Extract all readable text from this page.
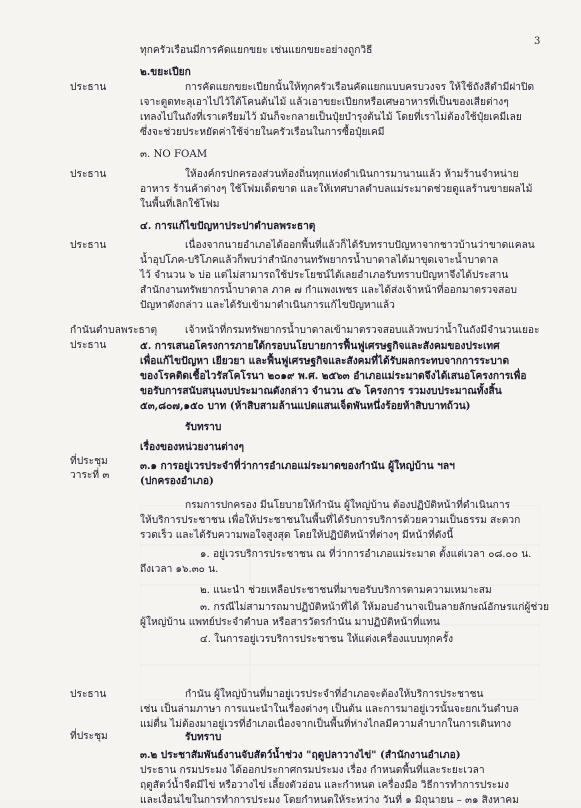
3
ประธาน
ประธาน
ประธาน
กำนันตำบลพระธาตุ
ประธาน
ที่ประชุม
วาระที่ ๓
ประธาน
ที่ประชุม
ทุกครัวเรือนมีการคัดแยกขยะ เช่นแยกขยะอย่างถูกวิธี
๒.ขยะเปียก
การคัดแยกขยะเปียกนั้นให้ทุกครัวเรือนคัดแยกแบบครบวงจร ให้ใช้ถังสีดำมีฝาปิด
เจาะตูดทะลุเอาไปไว้ใต้โคนต้นไม้ แล้วเอาขยะเปียกหรือเศษอาหารที่เป็นของเสียต่างๆ
เทลงไปในถังที่เราเตรียมไว้ มันก็จะกลายเป็นปุ๋ยบำรุงต้นไม้ โดยที่เราไม่ต้องใช้ปุ๋ยเคมีเลย
ซึ่งจะช่วยประหยัดค่าใช้จ่ายในครัวเรือนในการซื้อปุ๋ยเคมี
๓. NO FOAM
ให้องค์กรปกครองส่วนท้องถิ่นทุกแห่งดำเนินการมานานแล้ว ห้ามร้านจำหน่าย
อาหาร ร้านค้าต่างๆ ใช้โฟมเด็ดขาด และให้เทศบาลตำบลแม่ระมาดช่วยดูแลร้านขายผลไม้
ในพื้นที่เลิกใช้โฟม
๔. การแก้ไขปัญหาประปาตำบลพระธาตุ
เนื่องจากนายอำเภอได้ออกพื้นที่แล้วก็ได้รับทราบปัญหาจากชาวบ้านว่าขาดแคลน
น้ำอุปโภค-บริโภคแล้วก็พบว่าสำนักงานทรัพยากรน้ำบาดาลได้มาขุดเจาะน้ำบาดาล
ไว้ จำนวน ๖ บ่อ แต่ไม่สามารถใช้ประโยชน์ได้เลยอำเภอรับทราบปัญหาจึงได้ประสาน
สำนักงานทรัพยากรน้ำบาดาล ภาค ๗ กำแพงเพชร และได้ส่งเจ้าหน้าที่ออกมาตรวจสอบ
ปัญหาดังกล่าว และได้รับเข้ามาดำเนินการแก้ไขปัญหาแล้ว
เจ้าหน้าที่กรมทรัพยากรน้ำบาดาลเข้ามาตรวจสอบแล้วพบว่าน้ำในถังมีจำนวนเยอะ
๕. การเสนอโครงการภายใต้กรอบนโยบายการฟื้นฟูเศรษฐกิจและสังคมของประเทศ
เพื่อแก้ไขปัญหา เยียวยา และฟื้นฟูเศรษฐกิจและสังคมที่ได้รับผลกระทบจากการระบาด
ของโรคติดเชื้อไวรัสโคโรนา ๒๐๑๙ พ.ศ. ๒๕๖๓ อำเภอแม่ระมาดจึงได้เสนอโครงการเพื่อ
ขอรับการสนับสนุนงบประมาณดังกล่าว จำนวน ๕๖ โครงการ รวมงบประมาณทั้งสิ้น
๕๓,๘๐๗,๑๕๐ บาท (ห้าสิบสามล้านแปดแสนเจ็ดพันหนึ่งร้อยห้าสิบบาทถ้วน)
รับทราบ
เรื่องของหน่วยงานต่างๆ
๓.๑ การอยู่เวรประจำที่ว่าการอำเภอแม่ระมาดของกำนัน ผู้ใหญ่บ้าน ฯลฯ
(ปกครองอำเภอ)
กรมการปกครอง มีนโยบายให้กำนัน ผู้ใหญ่บ้าน ต้องปฏิบัติหน้าที่ดำเนินการ
ให้บริการประชาชน เพื่อให้ประชาชนในพื้นที่ได้รับการบริการด้วยความเป็นธรรม สะดวก
รวดเร็ว และได้รับความพอใจสูงสุด โดยให้ปฏิบัติหน้าที่ต่างๆ มีหน้าที่ดังนี้
๑. อยู่เวรบริการประชาชน ณ ที่ว่าการอำเภอแม่ระมาด ตั้งแต่เวลา ๐๘.๐๐ น.
ถึงเวลา ๑๖.๓๐ น.
๒. แนะนำ ช่วยเหลือประชาชนที่มาขอรับบริการตามความเหมาะสม
๓. กรณีไม่สามารถมาปฏิบัติหน้าที่ได้ ให้มอบอำนาจเป็นลายลักษณ์อักษรแก่ผู้ช่วย
ผู้ใหญ่บ้าน แพทย์ประจำตำบล หรือสารวัตรกำนัน มาปฏิบัติหน้าที่แทน
๔. ในการอยู่เวรบริการประชาชน ให้แต่งเครื่องแบบทุกครั้ง
กำนัน ผู้ใหญ่บ้านที่มาอยู่เวรประจำที่อำเภอจะต้องให้บริการประชาชน
เช่น เป็นล่ามภาษา การแนะนำในเรื่องต่างๆ เป็นต้น และการมาอยู่เวรนั้นจะยกเว้นตำบล
แม่ตื่น ไม่ต้องมาอยู่เวรที่อำเภอเนื่องจากเป็นพื้นที่ห่างไกลมีความลำบากในการเดินทาง
รับทราบ
๓.๒ ประชาสัมพันธ์งานจับสัตว์น้ำช่วง "ฤดูปลาวางไข่" (สำนักงานอำเภอ)
ประธาน กรมประมง ได้ออกประกาศกรมประมง เรื่อง กำหนดพื้นที่และระยะเวลา
ฤดูสัตว์น้ำจืดมีไข่ หรือวางไข่ เลี้ยงตัวอ่อน และกำหนด เครื่องมือ วิธีการทำการประมง
และเงื่อนไขในการทำการประมง โดยกำหนดให้ระหว่าง วันที่ ๑ มิถุนายน – ๓๑ สิงหาคม
